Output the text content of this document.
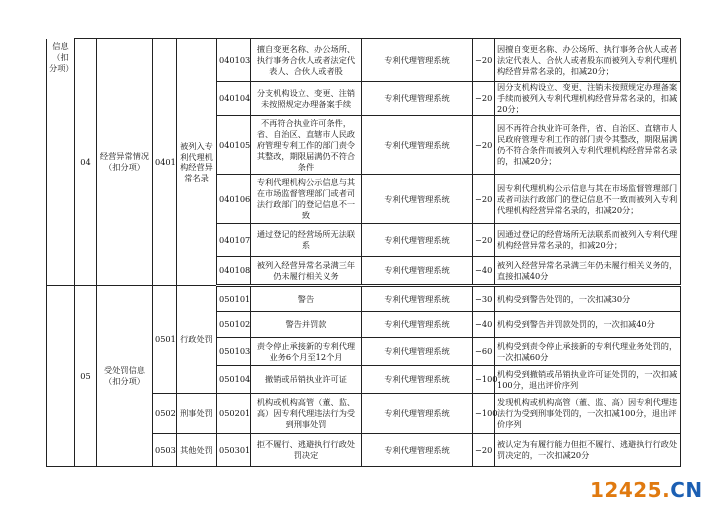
信息（扣分项）	04	经营异常情况（扣分项）	0401	被列入专利代理机构经营异常名录	040103	擅自变更名称、办公场所、执行事务合伙人或者法定代表人、合伙人或者股	专利代理管理系统	−20	因擅自变更名称、办公场所、执行事务合伙人或者法定代表人、合伙人或者股东而被列入专利代理机构经营异常名录的，扣减20分；
					040104	分支机构设立、变更、注销未按照规定办理备案手续	专利代理管理系统	−20	因分支机构设立、变更、注销未按照规定办理备案手续而被列入专利代理机构经营异常名录的，扣减20分；
					040105	不再符合执业许可条件，省、自治区、直辖市人民政府管理专利工作的部门责令其整改，期限届满仍不符合条件	专利代理管理系统	−20	因不再符合执业许可条件，省、自治区、直辖市人民政府管理专利工作的部门责令其整改，期限届满仍不符合条件而被列入专利代理机构经营异常名录的，扣减20分；
					040106	专利代理机构公示信息与其在市场监督管理部门或者司法行政部门的登记信息不一致	专利代理管理系统	−20	因专利代理机构公示信息与其在市场监督管理部门或者司法行政部门的登记信息不一致而被列入专利代理机构经营异常名录的，扣减20分；
					040107	通过登记的经营场所无法联系	专利代理管理系统	−20	因通过登记的经营场所无法联系而被列入专利代理机构经营异常名录的，扣减20分；
					040108	被列入经营异常名录满三年仍未履行相关义务	专利代理管理系统	−40	被列入经营异常名录满三年仍未履行相关义务的，直接扣减40分
	05	受处罚信息（扣分项）	0501	行政处罚	050101	警告	专利代理管理系统	−30	机构受到警告处罚的，一次扣减30分
					050102	警告并罚款	专利代理管理系统	−40	机构受到警告并罚款处罚的，一次扣减40分
					050103	责令停止承接新的专利代理业务6个月至12个月	专利代理管理系统	−60	机构受到责令停止承接新的专利代理业务处罚的，一次扣减60分
					050104	撤销或吊销执业许可证	专利代理管理系统	−100	机构受到撤销或吊销执业许可证处罚的，一次扣减100分，退出评价序列
			0502	刑事处罚	050201	机构或机构高管（董、监、高）因专利代理违法行为受到刑事处罚	专利代理管理系统	−100	发现机构或机构高管（董、监、高）因专利代理违法行为受到刑事处罚的，一次扣减100分，退出评价序列
			0503	其他处罚	050301	拒不履行、逃避执行行政处罚决定	专利代理管理系统	−20	被认定为有履行能力但拒不履行、逃避执行行政处罚决定的，一次扣减20分
12425.CN
